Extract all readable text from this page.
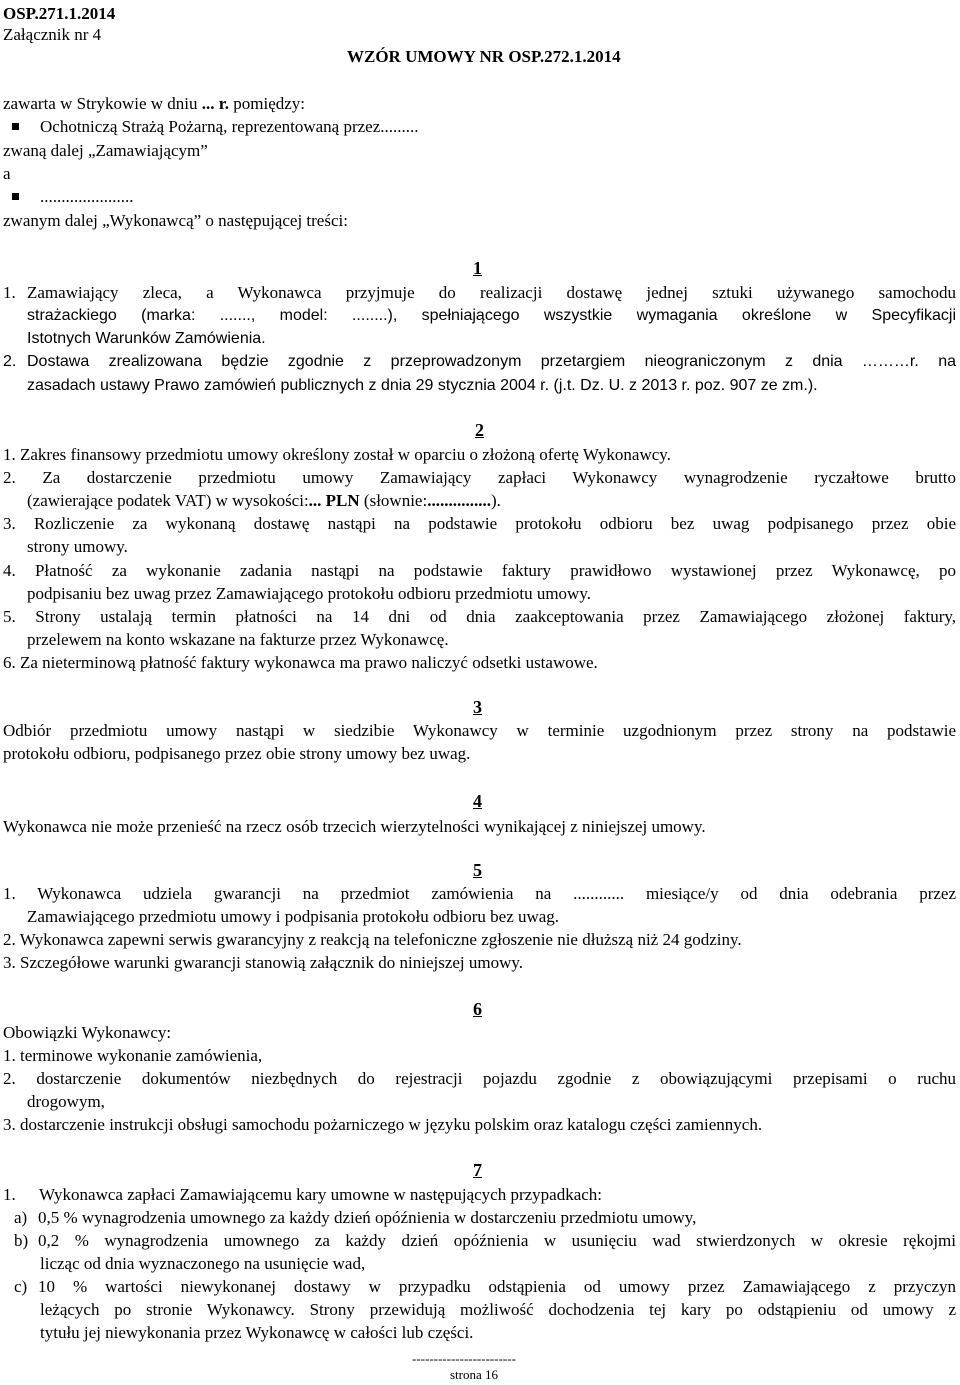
OSP.271.1.2014
Załącznik nr 4
WZÓR UMOWY NR OSP.272.1.2014
zawarta w Strykowie w dniu ... r. pomiędzy:
Ochotniczą Strażą Pożarną, reprezentowaną przez.........
zwaną dalej „Zamawiającym”
a
......................
zwanym dalej „Wykonawcą” o następującej treści:
1
1. Zamawiający zleca, a Wykonawca przyjmuje do realizacji dostawę jednej sztuki używanego samochodu
strażackiego (marka: ......., model: ........), spełniającego wszystkie wymagania określone w Specyfikacji
Istotnych Warunków Zamówienia.
2. Dostawa zrealizowana będzie zgodnie z przeprowadzonym przetargiem nieograniczonym z dnia ………r. na
zasadach ustawy Prawo zamówień publicznych z dnia 29 stycznia 2004 r. (j.t. Dz. U. z 2013 r. poz. 907 ze zm.).
2
1. Zakres finansowy przedmiotu umowy określony został w oparciu o złożoną ofertę Wykonawcy.
2. Za dostarczenie przedmiotu umowy Zamawiający zapłaci Wykonawcy wynagrodzenie ryczałtowe brutto
(zawierające podatek VAT) w wysokości:... PLN (słownie:...............).
3. Rozliczenie za wykonaną dostawę nastąpi na podstawie protokołu odbioru bez uwag podpisanego przez obie
strony umowy.
4. Płatność za wykonanie zadania nastąpi na podstawie faktury prawidłowo wystawionej przez Wykonawcę, po
podpisaniu bez uwag przez Zamawiającego protokołu odbioru przedmiotu umowy.
5. Strony ustalają termin płatności na 14 dni od dnia zaakceptowania przez Zamawiającego złożonej faktury,
przelewem na konto wskazane na fakturze przez Wykonawcę.
6. Za nieterminową płatność faktury wykonawca ma prawo naliczyć odsetki ustawowe.
3
Odbiór przedmiotu umowy nastąpi w siedzibie Wykonawcy w terminie uzgodnionym przez strony na podstawie
protokołu odbioru, podpisanego przez obie strony umowy bez uwag.
4
Wykonawca nie może przenieść na rzecz osób trzecich wierzytelności wynikającej z niniejszej umowy.
5
1. Wykonawca udziela gwarancji na przedmiot zamówienia na ............ miesiące/y od dnia odebrania przez
Zamawiającego przedmiotu umowy i podpisania protokołu odbioru bez uwag.
2. Wykonawca zapewni serwis gwarancyjny z reakcją na telefoniczne zgłoszenie nie dłuższą niż 24 godziny.
3. Szczegółowe warunki gwarancji stanowią załącznik do niniejszej umowy.
6
Obowiązki Wykonawcy:
1. terminowe wykonanie zamówienia,
2. dostarczenie dokumentów niezbędnych do rejestracji pojazdu zgodnie z obowiązującymi przepisami o ruchu
drogowym,
3. dostarczenie instrukcji obsługi samochodu pożarniczego w języku polskim oraz katalogu części zamiennych.
7
1. Wykonawca zapłaci Zamawiającemu kary umowne w następujących przypadkach:
a) 0,5 % wynagrodzenia umownego za każdy dzień opóźnienia w dostarczeniu przedmiotu umowy,
b) 0,2 % wynagrodzenia umownego za każdy dzień opóźnienia w usunięciu wad stwierdzonych w okresie rękojmi
licząc od dnia wyznaczonego na usunięcie wad,
c) 10 % wartości niewykonanej dostawy w przypadku odstąpienia od umowy przez Zamawiającego z przyczyn
leżących po stronie Wykonawcy. Strony przewidują możliwość dochodzenia tej kary po odstąpieniu od umowy z
tytułu jej niewykonania przez Wykonawcę w całości lub części.
------------------------
strona 16
